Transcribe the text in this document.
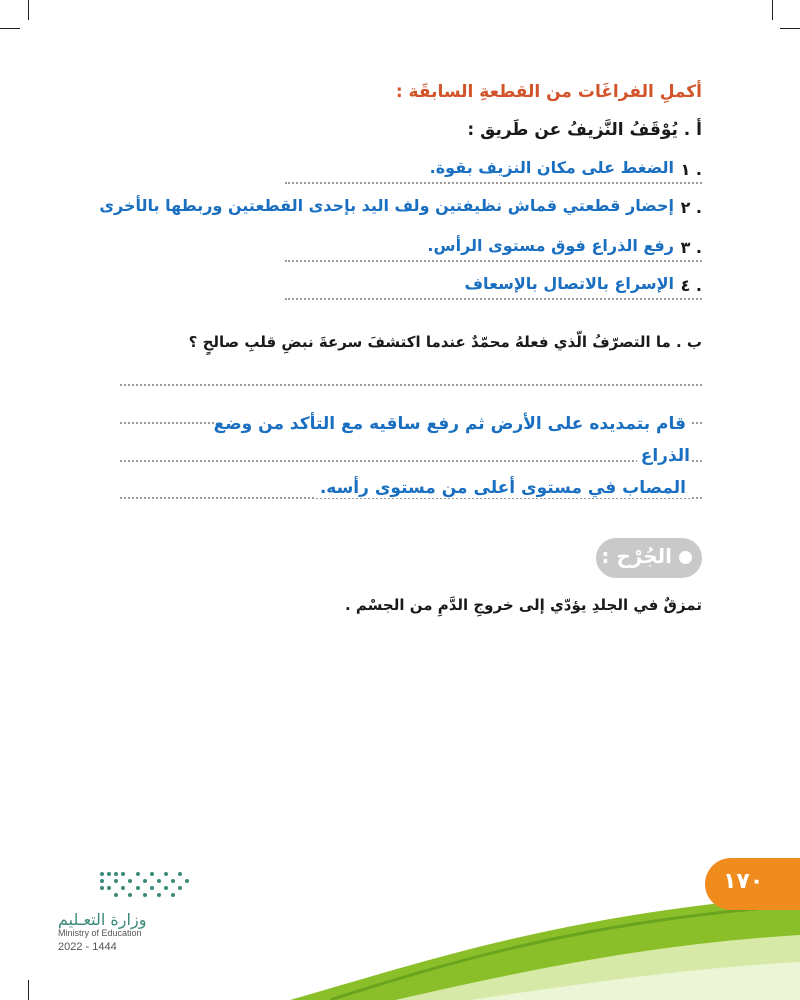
أكملِ الفراغَات من القطعةِ السابقَة :
أ . يُوْقَفُ النَّزيفُ عن طَريق :
١ .
الضغط على مكان النزيف بقوة.
٢ .
إحضار قطعتي قماش نظيفتين ولف اليد بإحدى القطعتين وربطها بالأخرى
٣ .
رفع الذراع فوق مستوى الرأس.
٤ .
الإسراع بالاتصال بالإسعاف
ب . ما التصرّفُ الّذي فعلهُ محمّدٌ عندما اكتشفَ سرعةَ نبضِ قلبِ صالحٍ ؟
قام بتمديده على الأرض ثم رفع ساقيه مع التأكد من وضع الذراع
المصاب في مستوى أعلى من مستوى رأسه.
الجُرْح :
تمزقٌ في الجلدِ يؤدّي إلى خروجِ الدَّمِ من الجسْم .
١٧٠
وزارة التعـليم
Ministry of Education
2022 - 1444
